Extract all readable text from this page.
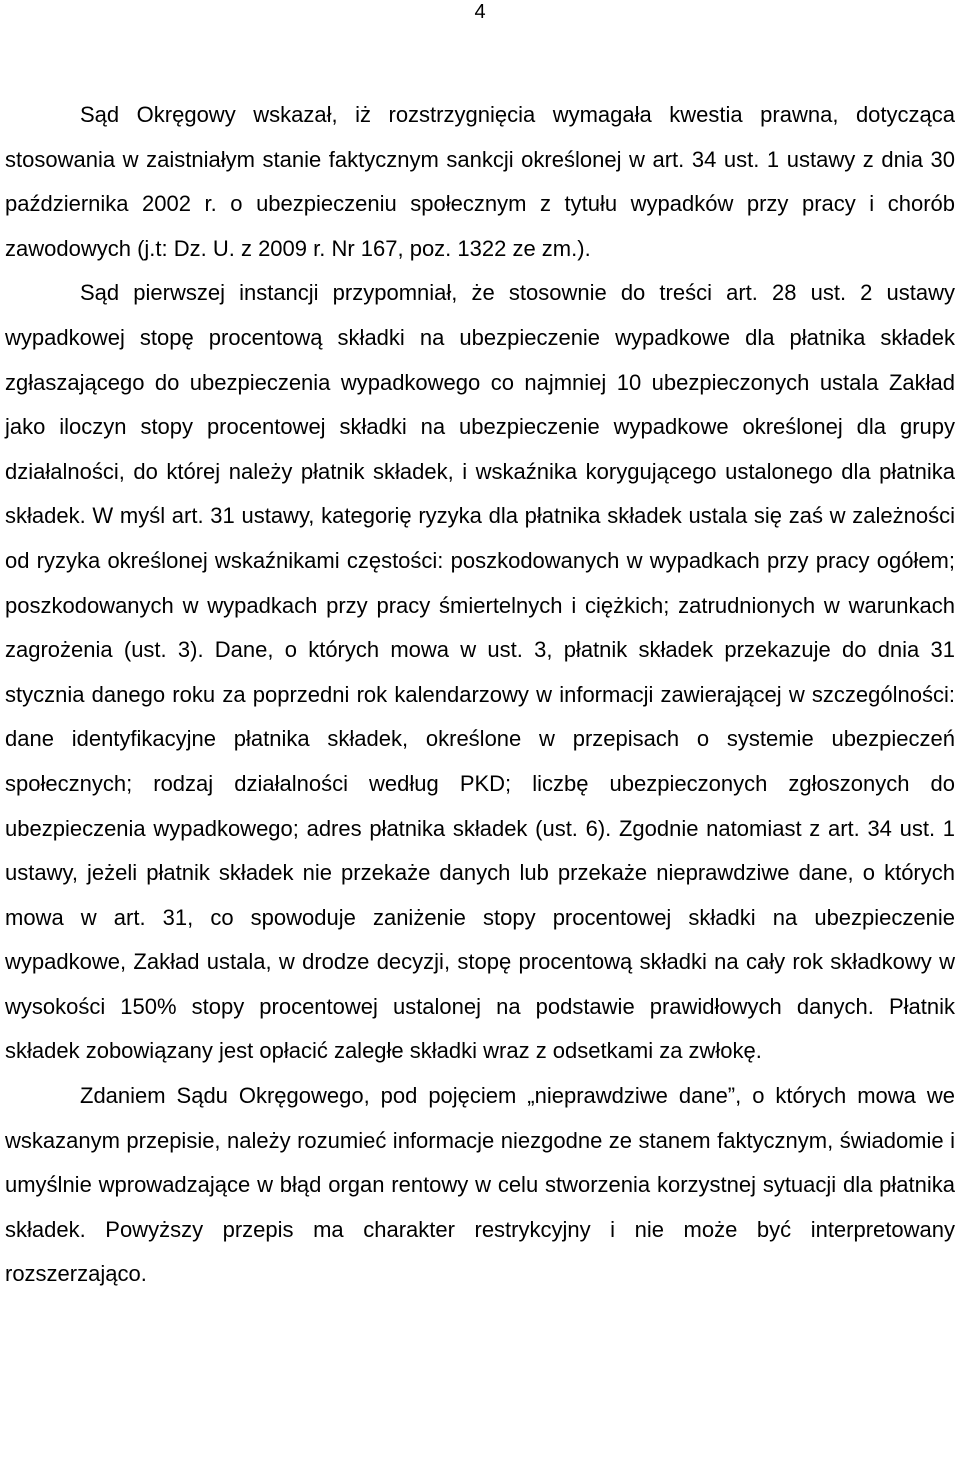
4

Sąd Okręgowy wskazał, iż rozstrzygnięcia wymagała kwestia prawna, dotycząca stosowania w zaistniałym stanie faktycznym sankcji określonej w art. 34 ust. 1 ustawy z dnia 30 października 2002 r. o ubezpieczeniu społecznym z tytułu wypadków przy pracy i chorób zawodowych (j.t: Dz. U. z 2009 r. Nr 167, poz. 1322 ze zm.).

Sąd pierwszej instancji przypomniał, że stosownie do treści art. 28 ust. 2 ustawy wypadkowej stopę procentową składki na ubezpieczenie wypadkowe dla płatnika składek zgłaszającego do ubezpieczenia wypadkowego co najmniej 10 ubezpieczonych ustala Zakład jako iloczyn stopy procentowej składki na ubezpieczenie wypadkowe określonej dla grupy działalności, do której należy płatnik składek, i wskaźnika korygującego ustalonego dla płatnika składek. W myśl art. 31 ustawy, kategorię ryzyka dla płatnika składek ustala się zaś w zależności od ryzyka określonej wskaźnikami częstości: poszkodowanych w wypadkach przy pracy ogółem; poszkodowanych w wypadkach przy pracy śmiertelnych i ciężkich; zatrudnionych w warunkach zagrożenia (ust. 3). Dane, o których mowa w ust. 3, płatnik składek przekazuje do dnia 31 stycznia danego roku za poprzedni rok kalendarzowy w informacji zawierającej w szczególności: dane identyfikacyjne płatnika składek, określone w przepisach o systemie ubezpieczeń społecznych; rodzaj działalności według PKD; liczbę ubezpieczonych zgłoszonych do ubezpieczenia wypadkowego; adres płatnika składek (ust. 6). Zgodnie natomiast z art. 34 ust. 1 ustawy, jeżeli płatnik składek nie przekaże danych lub przekaże nieprawdziwe dane, o których mowa w art. 31, co spowoduje zaniżenie stopy procentowej składki na ubezpieczenie wypadkowe, Zakład ustala, w drodze decyzji, stopę procentową składki na cały rok składkowy w wysokości 150% stopy procentowej ustalonej na podstawie prawidłowych danych. Płatnik składek zobowiązany jest opłacić zaległe składki wraz z odsetkami za zwłokę.

Zdaniem Sądu Okręgowego, pod pojęciem „nieprawdziwe dane”, o których mowa we wskazanym przepisie, należy rozumieć informacje niezgodne ze stanem faktycznym, świadomie i umyślnie wprowadzające w błąd organ rentowy w celu stworzenia korzystnej sytuacji dla płatnika składek. Powyższy przepis ma charakter restrykcyjny i nie może być interpretowany rozszerzająco.
